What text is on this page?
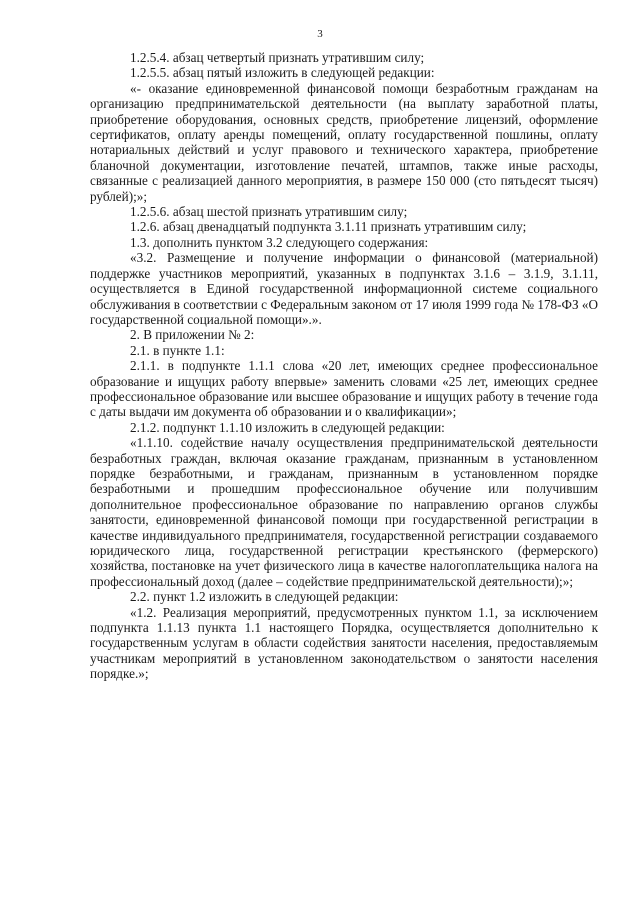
3

1.2.5.4. абзац четвертый признать утратившим силу;

1.2.5.5. абзац пятый изложить в следующей редакции:

«- оказание единовременной финансовой помощи безработным гражданам на организацию предпринимательской деятельности (на выплату заработной платы, приобретение оборудования, основных средств, приобретение лицензий, оформление сертификатов, оплату аренды помещений, оплату государственной пошлины, оплату нотариальных действий и услуг правового и технического характера, приобретение бланочной документации, изготовление печатей, штампов, также иные расходы, связанные с реализацией данного мероприятия, в размере 150 000 (сто пятьдесят тысяч) рублей);»;

1.2.5.6. абзац шестой признать утратившим силу;

1.2.6. абзац двенадцатый подпункта 3.1.11 признать утратившим силу;

1.3. дополнить пунктом 3.2 следующего содержания:

«3.2. Размещение и получение информации о финансовой (материальной) поддержке участников мероприятий, указанных в подпунктах 3.1.6 – 3.1.9, 3.1.11, осуществляется в Единой государственной информационной системе социального обслуживания в соответствии с Федеральным законом от 17 июля 1999 года № 178-ФЗ «О государственной социальной помощи».».

2. В приложении № 2:

2.1. в пункте 1.1:

2.1.1. в подпункте 1.1.1 слова «20 лет, имеющих среднее профессиональное образование и ищущих работу впервые» заменить словами «25 лет, имеющих среднее профессиональное образование или высшее образование и ищущих работу в течение года с даты выдачи им документа об образовании и о квалификации»;

2.1.2. подпункт 1.1.10 изложить в следующей редакции:

«1.1.10. содействие началу осуществления предпринимательской деятельности безработных граждан, включая оказание гражданам, признанным в установленном порядке безработными, и гражданам, признанным в установленном порядке безработными и прошедшим профессиональное обучение или получившим дополнительное профессиональное образование по направлению органов службы занятости, единовременной финансовой помощи при государственной регистрации в качестве индивидуального предпринимателя, государственной регистрации создаваемого юридического лица, государственной регистрации крестьянского (фермерского) хозяйства, постановке на учет физического лица в качестве налогоплательщика налога на профессиональный доход (далее – содействие предпринимательской деятельности);»;

2.2. пункт 1.2 изложить в следующей редакции:

«1.2. Реализация мероприятий, предусмотренных пунктом 1.1, за исключением подпункта 1.1.13 пункта 1.1 настоящего Порядка, осуществляется дополнительно к государственным услугам в области содействия занятости населения, предоставляемым участникам мероприятий в установленном законодательством о занятости населения порядке.»;
